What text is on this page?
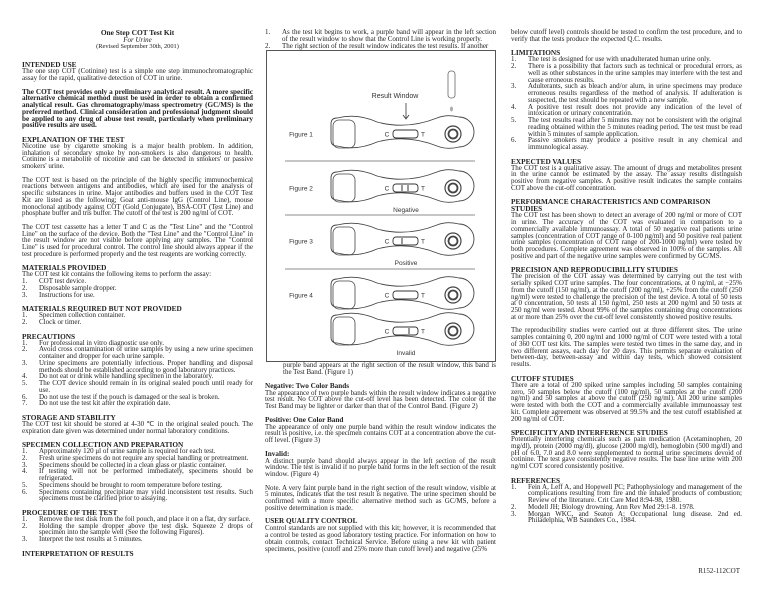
One Step COT Test Kit
For Urine
(Revised September 30th, 2001)
INTENDED USE

The one step COT (Cotinine) test is a simple one step immunochromatographic assay for the rapid, qualitative detection of COT in urine.

The COT test provides only a preliminary analytical result. A more specific alternative chemical method must be used in order to obtain a confirmed analytical result. Gas chromatography/mass spectrometry (GC/MS) is the preferred method. Clinical consideration and professional judgment should be applied to any drug of abuse test result, particularly when preliminary positive results are used.

EXPLANATION OF THE TEST

Nicotine use by cigarette smoking is a major health problem. In addition, inhalation of secondary smoke by non-smokers is also dangerous to health. Cotinine is a metabolite of nicotine and can be detected in smokers' or passive smokers' urine.

The COT test is based on the principle of the highly specific immunochemical reactions between antigens and antibodies, which are used for the analysis of specific substances in urine. Major antibodies and buffers used in the COT Test Kit are listed as the following; Goat anti-mouse IgG (Control Line), mouse monoclonal antibody against COT (Gold Conjugate), BSA-COT (Test Line) and phosphate buffer and tris buffer. The cutoff of the test is 200 ng/ml of COT.

The COT test cassette has a letter T and C as the "Test Line" and the "Control Line" on the surface of the device. Both the "Test Line" and the "Control Line" in the result window are not visible before applying any samples. The "Control Line" is used for procedural control. The control line should always appear if the test procedure is performed properly and the test reagents are working correctly.

MATERIALS PROVIDED

The COT test kit contains the following items to perform the assay:

1.	COT test device.
2.	Disposable sample dropper.
3.	Instructions for use.
MATERIALS REQUIRED BUT NOT PROVIDED
1.	Specimen collection container.
2.	Clock or timer.
PRECAUTIONS
1.	For professional in vitro diagnostic use only.
2.	Avoid cross contamination of urine samples by using a new urine specimen container and dropper for each urine sample.
3.	Urine specimens are potentially infectious. Proper handling and disposal methods should be established according to good laboratory practices.
4.	Do not eat or drink while handling specimen in the laboratory.
5.	The COT device should remain in its original sealed pouch until ready for use.
6.	Do not use the test if the pouch is damaged or the seal is broken.
7.	Do not use the test kit after the expiration date.
STORAGE AND STABILITY

The COT test kit should be stored at 4-30 ℃ in the original sealed pouch. The expiration date given was determined under normal laboratory conditions.

SPECIMEN COLLECTION AND PREPARATION
1.	Approximately 120 μl of urine sample is required for each test.
2.	Fresh urine specimens do not require any special handling or pretreatment.
3.	Specimens should be collected in a clean glass or plastic container.
4.	If testing will not be performed immediately, specimens should be refrigerated.
5.	Specimens should be brought to room temperature before testing.
6.	Specimens containing precipitate may yield inconsistent test results. Such specimens must be clarified prior to assaying.
PROCEDURE OF THE TEST
1.	Remove the test disk from the foil pouch, and place it on a flat, dry surface.
2.	Holding the sample dropper above the test disk. Squeeze 2 drops of specimen into the sample well (See the following Figures).
3.	Interpret the test results at 5 minutes.
INTERPRETATION OF RESULTS
1.	As the test kit begins to work, a purple band will appear in the left section of the result window to show that the Control Line is working properly.
2.	The right section of the result window indicates the test results. If another
Result Window
C	T
Figure 1
C	T
Figure 2
Negative
C	T
Figure 3
Positive
C	T
Figure 4
C	T
Invalid

purple band appears at the right section of the result window, this band is the Test Band. (Figure 1)

Negative: Two Color Bands

The appearance of two purple bands within the result window indicates a negative test result. No COT above the cut-off level has been detected. The color of the Test Band may be lighter or darker than that of the Control Band. (Figure 2)

Positive: One Color Band

The appearance of only one purple band within the result window indicates the result is positive, i.e. the specimen contains COT at a concentration above the cut-off level. (Figure 3)

Invalid:

A distinct purple band should always appear in the left section of the result window. The test is invalid if no purple band forms in the left section of the result window. (Figure 4)

Note. A very faint purple band in the right section of the result window, visible at 5 minutes, indicates that the test result is negative. The urine specimen should be confirmed with a more specific alternative method such as GC/MS, before a positive determination is made.

USER QUALITY CONTROL

Control standards are not supplied with this kit; however, it is recommended that a control be tested as good laboratory testing practice. For information on how to obtain controls, contact Technical Service. Before using a new kit with patient specimens, positive (cutoff and 25% more than cutoff level) and negative (25%

below cutoff level) controls should be tested to confirm the test procedure, and to verify that the tests produce the expected Q.C. results.

LIMITATIONS
1.	The test is designed for use with unadulterated human urine only.
2.	There is a possibility that factors such as technical or procedural errors, as well as other substances in the urine samples may interfere with the test and cause erroneous results.
3.	Adulterants, such as bleach and/or alum, in urine specimens may produce erroneous results regardless of the method of analysis. If adulteration is suspected, the test should be repeated with a new sample.
4.	A positive test result does not provide any indication of the level of intoxication or urinary concentration.
5.	The test results read after 5 minutes may not be consistent with the original reading obtained within the 5 minutes reading period. The test must be read within 5 minutes of sample application.
6.	Passive smokers may produce a positive result in any chemical and immunological assay.
EXPECTED VALUES

The COT test is a qualitative assay. The amount of drugs and metabolites present in the urine cannot be estimated by the assay. The assay results distinguish positive from negative samples. A positive result indicates the sample contains COT above the cut-off concentration.

PERFORMANCE CHARACTERISTICS AND COMPARISON STUDIES

The COT test has been shown to detect an average of 200 ng/ml or more of COT in urine. The accuracy of the COT was evaluated in comparison to a commercially available immunoassay. A total of 50 negative real patients urine samples (concentration of COT range of 0-100 ng/ml) and 50 positive real patient urine samples (concentration of COT range of 200-1000 ng/ml) were tested by both procedures. Complete agreement was observed in 100% of the samples. All positive and part of the negative urine samples were confirmed by GC/MS.

PRECISION AND REPRODUCIBILLITY STUDIES

The precision of the COT assay was determined by carrying out the test with serially spiked COT urine samples. The four concentrations, at 0 ng/ml, at −25% from the cutoff (150 ng/ml), at the cutoff (200 ng/ml), +25% from the cutoff (250 ng/ml) were tested to challenge the precision of the test device. A total of 50 tests at 0 concentration, 50 tests at 150 ng/ml, 250 tests at 200 ng/ml and 50 tests at 250 ng/ml were tested. About 99% of the samples containing drug concentrations at or more than 25% over the cut-off level consistently showed positive results.

The reproducibility studies were carried out at three different sites. The urine samples containing 0, 200 ng/ml and 1000 ng/ml of COT were tested with a total of 360 COT test kits. The samples were tested two times in the same day, and in two different assays, each day for 20 days. This permits separate evaluation of between-day, between-assay and within day tests, which showed consistent results.

CUTOFF STUDIES

There are a total of 200 spiked urine samples including 50 samples containing zero, 50 samples below the cutoff (100 ng/ml), 50 samples at the cutoff (200 ng/ml) and 50 samples at above the cutoff (250 ng/ml). All 200 urine samples were tested with both the COT and a commercially available immunoassay test kit. Complete agreement was observed at 99.5% and the test cutoff established at 200 ng/ml of COT.

SPECIFICITY AND INTERFERENCE STUDIES

Potentially interfering chemicals such as pain medication (Acetaminophen, 20 mg/dl), protein (2000 mg/dl), glucose (2000 mg/dl), hemoglobin (500 mg/dl) and pH of 6.0, 7.0 and 8.0 were supplemented to normal urine specimens devoid of cotinine. The test gave consistently negative results. The base line urine with 200 ng/ml COT scored consistently positive.

REFERENCES
1.	Fein A, Leff A, and Hopewell PC; Pathophysiology and management of the complications resulting from fire and the inhaled products of combustion; Review of the literature. Crit Care Med 8:94-98, 1980.
2.	Modell JH; Biology drowning. Ann Rev Med 29:1-8. 1978.
3.	Morgan WKC, and Seaton A; Occupational lung disease. 2nd ed. Philadelphia, WB Saunders Co., 1984.
R152-112COT
